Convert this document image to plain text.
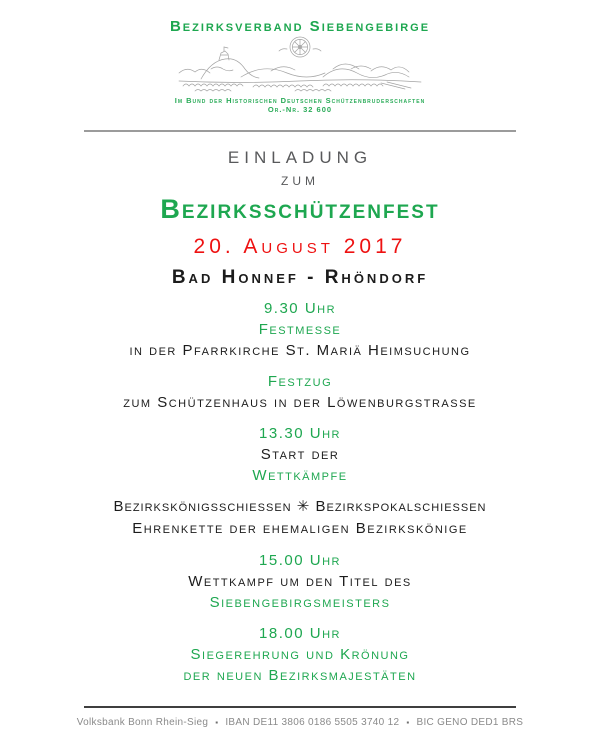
Bezirksverband Siebengebirge
Im Bund der Historischen Deutschen Schützenbruderschaften
Or.-Nr. 32 600
EINLADUNG
ZUM
Bezirksschützenfest
20. August 2017
Bad Honnef - Rhöndorf
9.30 Uhr
Festmesse
in der Pfarrkirche St. Mariä Heimsuchung
Festzug
zum Schützenhaus in der Löwenburgstrasse
13.30 Uhr
Start der
Wettkämpfe
Bezirkskönigsschiessen ✳ Bezirkspokalschiessen
Ehrenkette der ehemaligen Bezirkskönige
15.00 Uhr
Wettkampf um den Titel des
Siebengebirgsmeisters
18.00 Uhr
Siegerehrung und Krönung
der neuen Bezirksmajestäten
Volksbank Bonn Rhein-Sieg ▪ IBAN DE11 3806 0186 5505 3740 12 ▪ BIC GENO DED1 BRS
